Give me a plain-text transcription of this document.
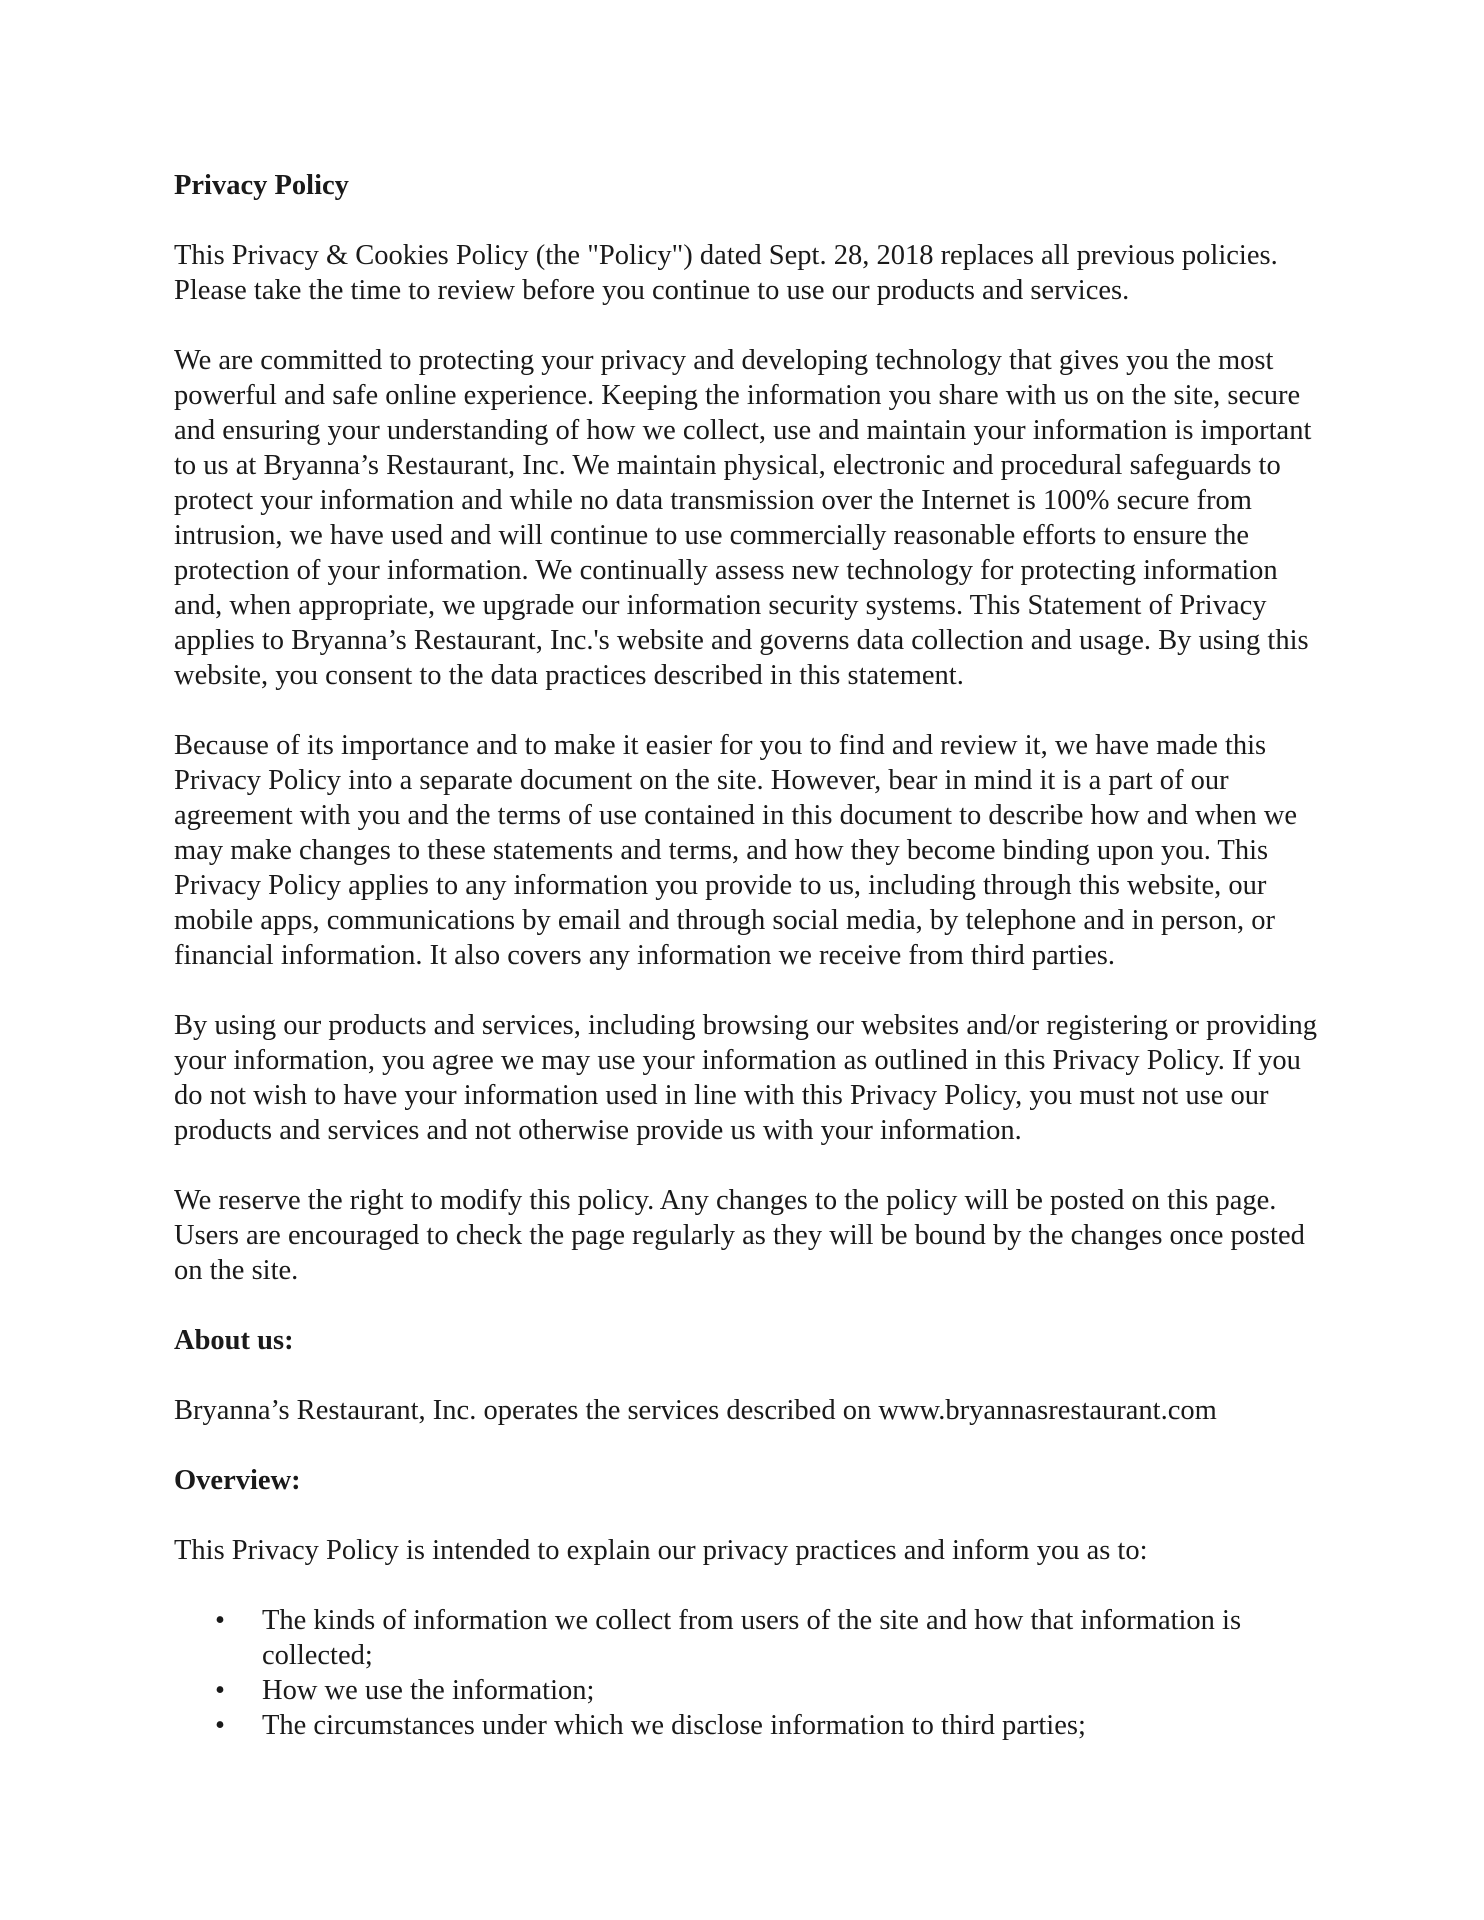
Privacy Policy

This Privacy & Cookies Policy (the "Policy") dated Sept. 28, 2018 replaces all previous policies. Please take the time to review before you continue to use our products and services.

We are committed to protecting your privacy and developing technology that gives you the most powerful and safe online experience. Keeping the information you share with us on the site, secure and ensuring your understanding of how we collect, use and maintain your information is important to us at Bryanna’s Restaurant, Inc. We maintain physical, electronic and procedural safeguards to protect your information and while no data transmission over the Internet is 100% secure from intrusion, we have used and will continue to use commercially reasonable efforts to ensure the protection of your information. We continually assess new technology for protecting information and, when appropriate, we upgrade our information security systems. This Statement of Privacy applies to Bryanna’s Restaurant, Inc.'s website and governs data collection and usage. By using this website, you consent to the data practices described in this statement.

Because of its importance and to make it easier for you to find and review it, we have made this Privacy Policy into a separate document on the site. However, bear in mind it is a part of our agreement with you and the terms of use contained in this document to describe how and when we may make changes to these statements and terms, and how they become binding upon you. This Privacy Policy applies to any information you provide to us, including through this website, our mobile apps, communications by email and through social media, by telephone and in person, or financial information. It also covers any information we receive from third parties.

By using our products and services, including browsing our websites and/or registering or providing your information, you agree we may use your information as outlined in this Privacy Policy. If you do not wish to have your information used in line with this Privacy Policy, you must not use our products and services and not otherwise provide us with your information.

We reserve the right to modify this policy. Any changes to the policy will be posted on this page. Users are encouraged to check the page regularly as they will be bound by the changes once posted on the site.

About us:

Bryanna’s Restaurant, Inc. operates the services described on www.bryannasrestaurant.com

Overview:

This Privacy Policy is intended to explain our privacy practices and inform you as to:

• The kinds of information we collect from users of the site and how that information is collected;
• How we use the information;
• The circumstances under which we disclose information to third parties;
